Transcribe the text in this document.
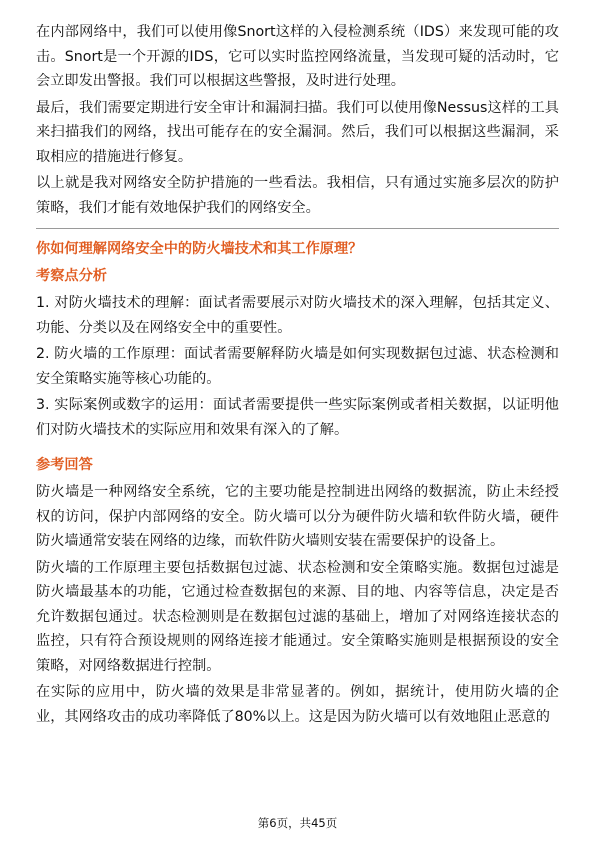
在内部网络中，我们可以使用像Snort这样的入侵检测系统（IDS）来发现可能的攻击。Snort是一个开源的IDS，它可以实时监控网络流量，当发现可疑的活动时，它会立即发出警报。我们可以根据这些警报，及时进行处理。

最后，我们需要定期进行安全审计和漏洞扫描。我们可以使用像Nessus这样的工具来扫描我们的网络，找出可能存在的安全漏洞。然后，我们可以根据这些漏洞，采取相应的措施进行修复。

以上就是我对网络安全防护措施的一些看法。我相信，只有通过实施多层次的防护策略，我们才能有效地保护我们的网络安全。

你如何理解网络安全中的防火墙技术和其工作原理？
考察点分析

1. 对防火墙技术的理解：面试者需要展示对防火墙技术的深入理解，包括其定义、功能、分类以及在网络安全中的重要性。

2. 防火墙的工作原理：面试者需要解释防火墙是如何实现数据包过滤、状态检测和安全策略实施等核心功能的。

3. 实际案例或数字的运用：面试者需要提供一些实际案例或者相关数据，以证明他们对防火墙技术的实际应用和效果有深入的了解。

参考回答

防火墙是一种网络安全系统，它的主要功能是控制进出网络的数据流，防止未经授权的访问，保护内部网络的安全。防火墙可以分为硬件防火墙和软件防火墙，硬件防火墙通常安装在网络的边缘，而软件防火墙则安装在需要保护的设备上。

防火墙的工作原理主要包括数据包过滤、状态检测和安全策略实施。数据包过滤是防火墙最基本的功能，它通过检查数据包的来源、目的地、内容等信息，决定是否允许数据包通过。状态检测则是在数据包过滤的基础上，增加了对网络连接状态的监控，只有符合预设规则的网络连接才能通过。安全策略实施则是根据预设的安全策略，对网络数据进行控制。

在实际的应用中，防火墙的效果是非常显著的。例如，据统计，使用防火墙的企业，其网络攻击的成功率降低了80%以上。这是因为防火墙可以有效地阻止恶意的

第6页，共45页
